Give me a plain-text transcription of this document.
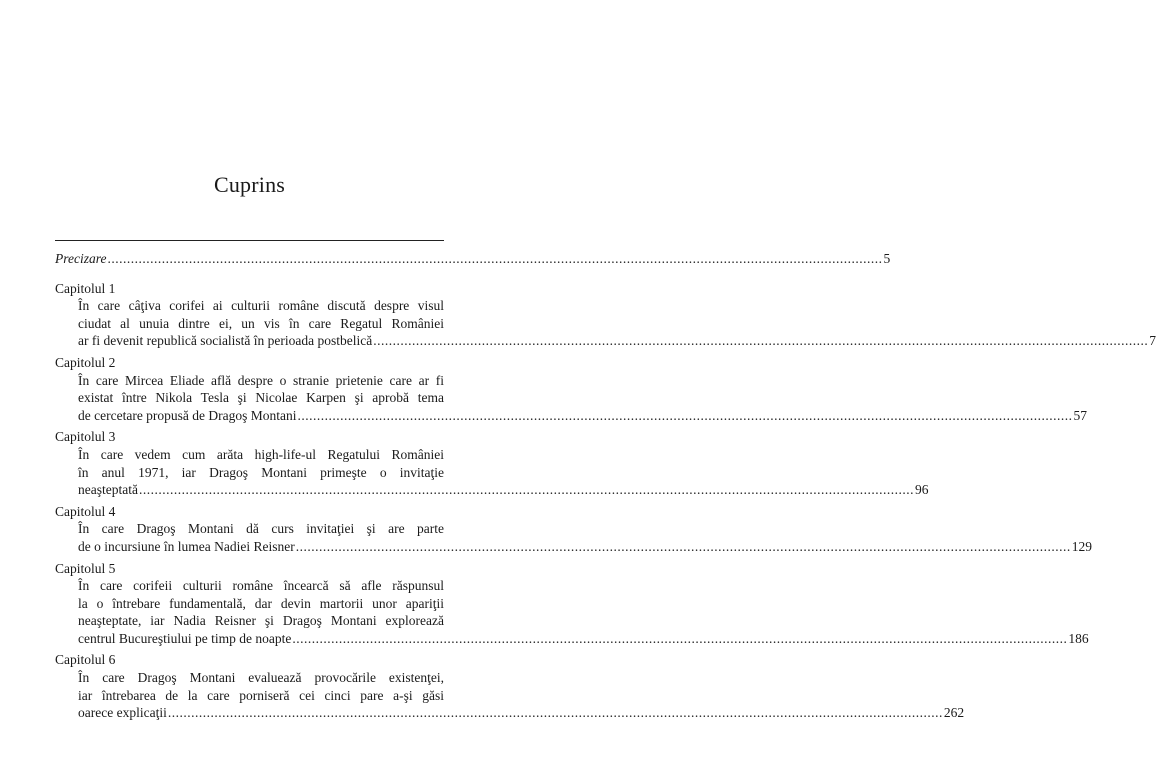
Cuprins
Precizare ........................................................................................................................................................................................................ 5
Capitolul 1
În care câţiva corifei ai culturii române discută despre visul
ciudat al unuia dintre ei, un vis în care Regatul României
ar fi devenit republică socialistă în perioada postbelică ........................................................................................................................................................................................................ 7
Capitolul 2
În care Mircea Eliade află despre o stranie prietenie care ar fi
existat între Nikola Tesla şi Nicolae Karpen şi aprobă tema
de cercetare propusă de Dragoş Montani ........................................................................................................................................................................................................ 57
Capitolul 3
În care vedem cum arăta high-life-ul Regatului României
în anul 1971, iar Dragoş Montani primeşte o invitaţie
neaşteptată ........................................................................................................................................................................................................ 96
Capitolul 4
În care Dragoş Montani dă curs invitaţiei şi are parte
de o incursiune în lumea Nadiei Reisner ........................................................................................................................................................................................................ 129
Capitolul 5
În care corifeii culturii române încearcă să afle răspunsul
la o întrebare fundamentală, dar devin martorii unor apariţii
neaşteptate, iar Nadia Reisner şi Dragoş Montani explorează
centrul Bucureştiului pe timp de noapte ........................................................................................................................................................................................................ 186
Capitolul 6
În care Dragoş Montani evaluează provocările existenţei,
iar întrebarea de la care porniseră cei cinci pare a-şi găsi
oarece explicaţii ........................................................................................................................................................................................................ 262
